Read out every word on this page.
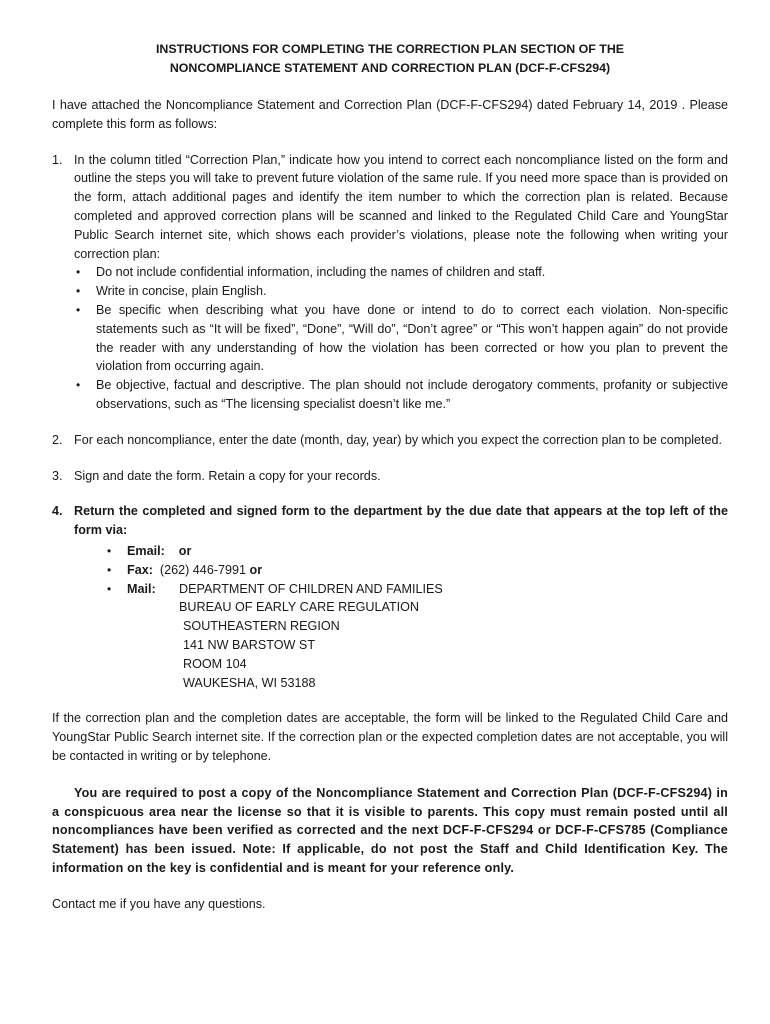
INSTRUCTIONS FOR COMPLETING THE CORRECTION PLAN SECTION OF THE
NONCOMPLIANCE STATEMENT AND CORRECTION PLAN (DCF-F-CFS294)

I have attached the Noncompliance Statement and Correction Plan (DCF-F-CFS294) dated February 14, 2019 . Please complete this form as follows:

1. In the column titled “Correction Plan,” indicate how you intend to correct each noncompliance listed on the form and outline the steps you will take to prevent future violation of the same rule. If you need more space than is provided on the form, attach additional pages and identify the item number to which the correction plan is related. Because completed and approved correction plans will be scanned and linked to the Regulated Child Care and YoungStar Public Search internet site, which shows each provider’s violations, please note the following when writing your correction plan:
• Do not include confidential information, including the names of children and staff.
• Write in concise, plain English.
• Be specific when describing what you have done or intend to do to correct each violation. Non-specific statements such as “It will be fixed”, “Done”, “Will do”, “Don’t agree” or “This won’t happen again” do not provide the reader with any understanding of how the violation has been corrected or how you plan to prevent the violation from occurring again.
• Be objective, factual and descriptive. The plan should not include derogatory comments, profanity or subjective observations, such as “The licensing specialist doesn’t like me.”
2. For each noncompliance, enter the date (month, day, year) by which you expect the correction plan to be completed.
3. Sign and date the form. Retain a copy for your records.
4. Return the completed and signed form to the department by the due date that appears at the top left of the form via:
• Email: or
• Fax: (262) 446-7991 or
• Mail:	DEPARTMENT OF CHILDREN AND FAMILIES
BUREAU OF EARLY CARE REGULATION
SOUTHEASTERN REGION
141 NW BARSTOW ST
ROOM 104
WAUKESHA, WI 53188

If the correction plan and the completion dates are acceptable, the form will be linked to the Regulated Child Care and YoungStar Public Search internet site. If the correction plan or the expected completion dates are not acceptable, you will be contacted in writing or by telephone.

You are required to post a copy of the Noncompliance Statement and Correction Plan (DCF-F-CFS294) in a conspicuous area near the license so that it is visible to parents. This copy must remain posted until all noncompliances have been verified as corrected and the next DCF-F-CFS294 or DCF-F-CFS785 (Compliance Statement) has been issued. Note: If applicable, do not post the Staff and Child Identification Key. The information on the key is confidential and is meant for your reference only.

Contact me if you have any questions.
